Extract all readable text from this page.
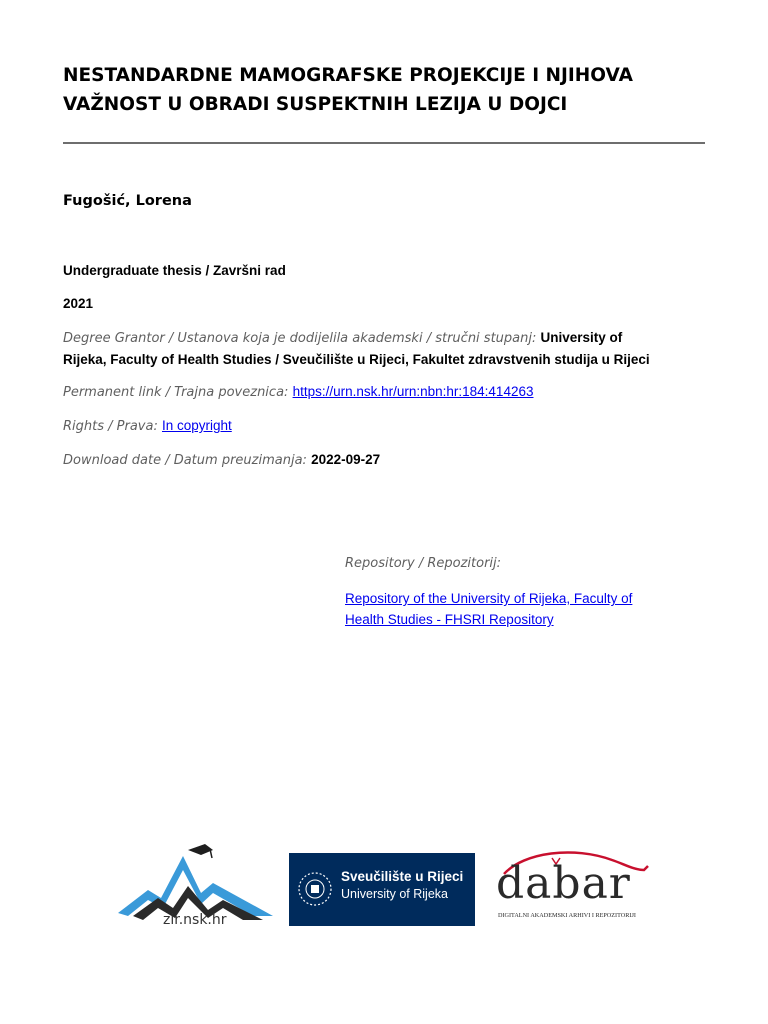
NESTANDARDNE MAMOGRAFSKE PROJEKCIJE I NJIHOVA VAŽNOST U OBRADI SUSPEKTNIH LEZIJA U DOJCI
Fugošić, Lorena
Undergraduate thesis / Završni rad
2021
Degree Grantor / Ustanova koja je dodijelila akademski / stručni stupanj: University of
Rijeka, Faculty of Health Studies / Sveučilište u Rijeci, Fakultet zdravstvenih studija u Rijeci
Permanent link / Trajna poveznica: https://urn.nsk.hr/urn:nbn:hr:184:414263
Rights / Prava: In copyright
Download date / Datum preuzimanja: 2022-09-27
Repository / Repozitorij:
Repository of the University of Rijeka, Faculty of
Health Studies - FHSRI Repository
zir.nsk.hr
Sveučilište u Rijeci
University of Rijeka dabar
DIGITALNI AKADEMSKI ARHIVI I REPOZITORIJI
